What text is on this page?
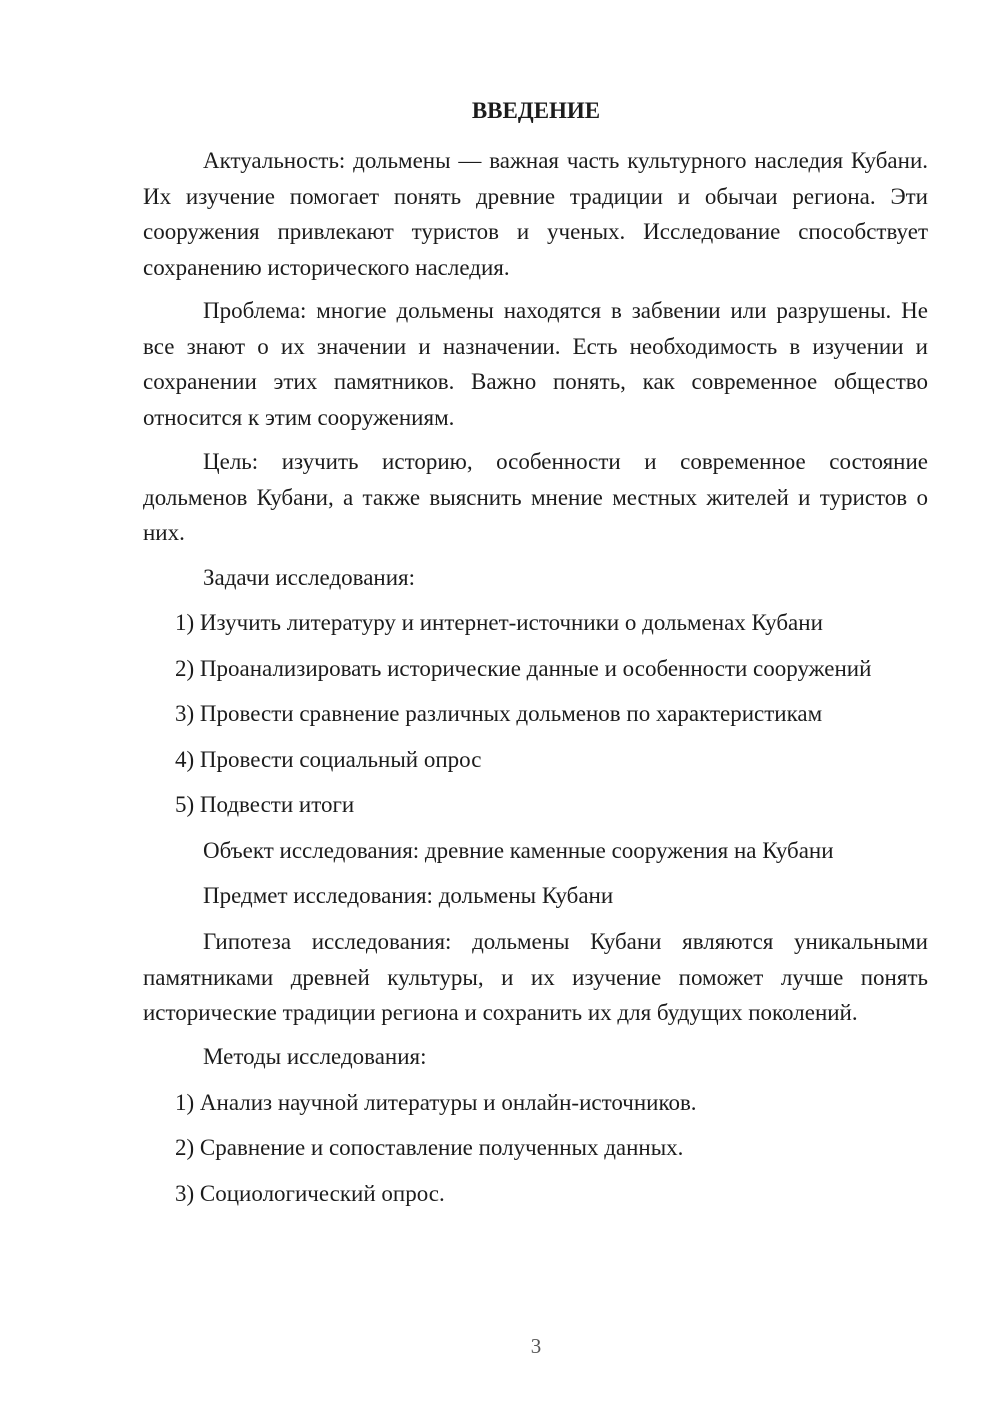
ВВЕДЕНИЕ

Актуальность: дольмены — важная часть культурного наследия Кубани. Их изучение помогает понять древние традиции и обычаи региона. Эти сооружения привлекают туристов и ученых. Исследование способствует сохранению исторического наследия.

Проблема: многие дольмены находятся в забвении или разрушены. Не все знают о их значении и назначении. Есть необходимость в изучении и сохранении этих памятников. Важно понять, как современное общество относится к этим сооружениям.

Цель: изучить историю, особенности и современное состояние дольменов Кубани, а также выяснить мнение местных жителей и туристов о них.

Задачи исследования:

1) Изучить литературу и интернет-источники о дольменах Кубани

2) Проанализировать исторические данные и особенности сооружений

3) Провести сравнение различных дольменов по характеристикам

4) Провести социальный опрос

5) Подвести итоги

Объект исследования: древние каменные сооружения на Кубани

Предмет исследования: дольмены Кубани

Гипотеза исследования: дольмены Кубани являются уникальными памятниками древней культуры, и их изучение поможет лучше понять исторические традиции региона и сохранить их для будущих поколений.

Методы исследования:

1) Анализ научной литературы и онлайн-источников.

2) Сравнение и сопоставление полученных данных.

3) Социологический опрос.

3
